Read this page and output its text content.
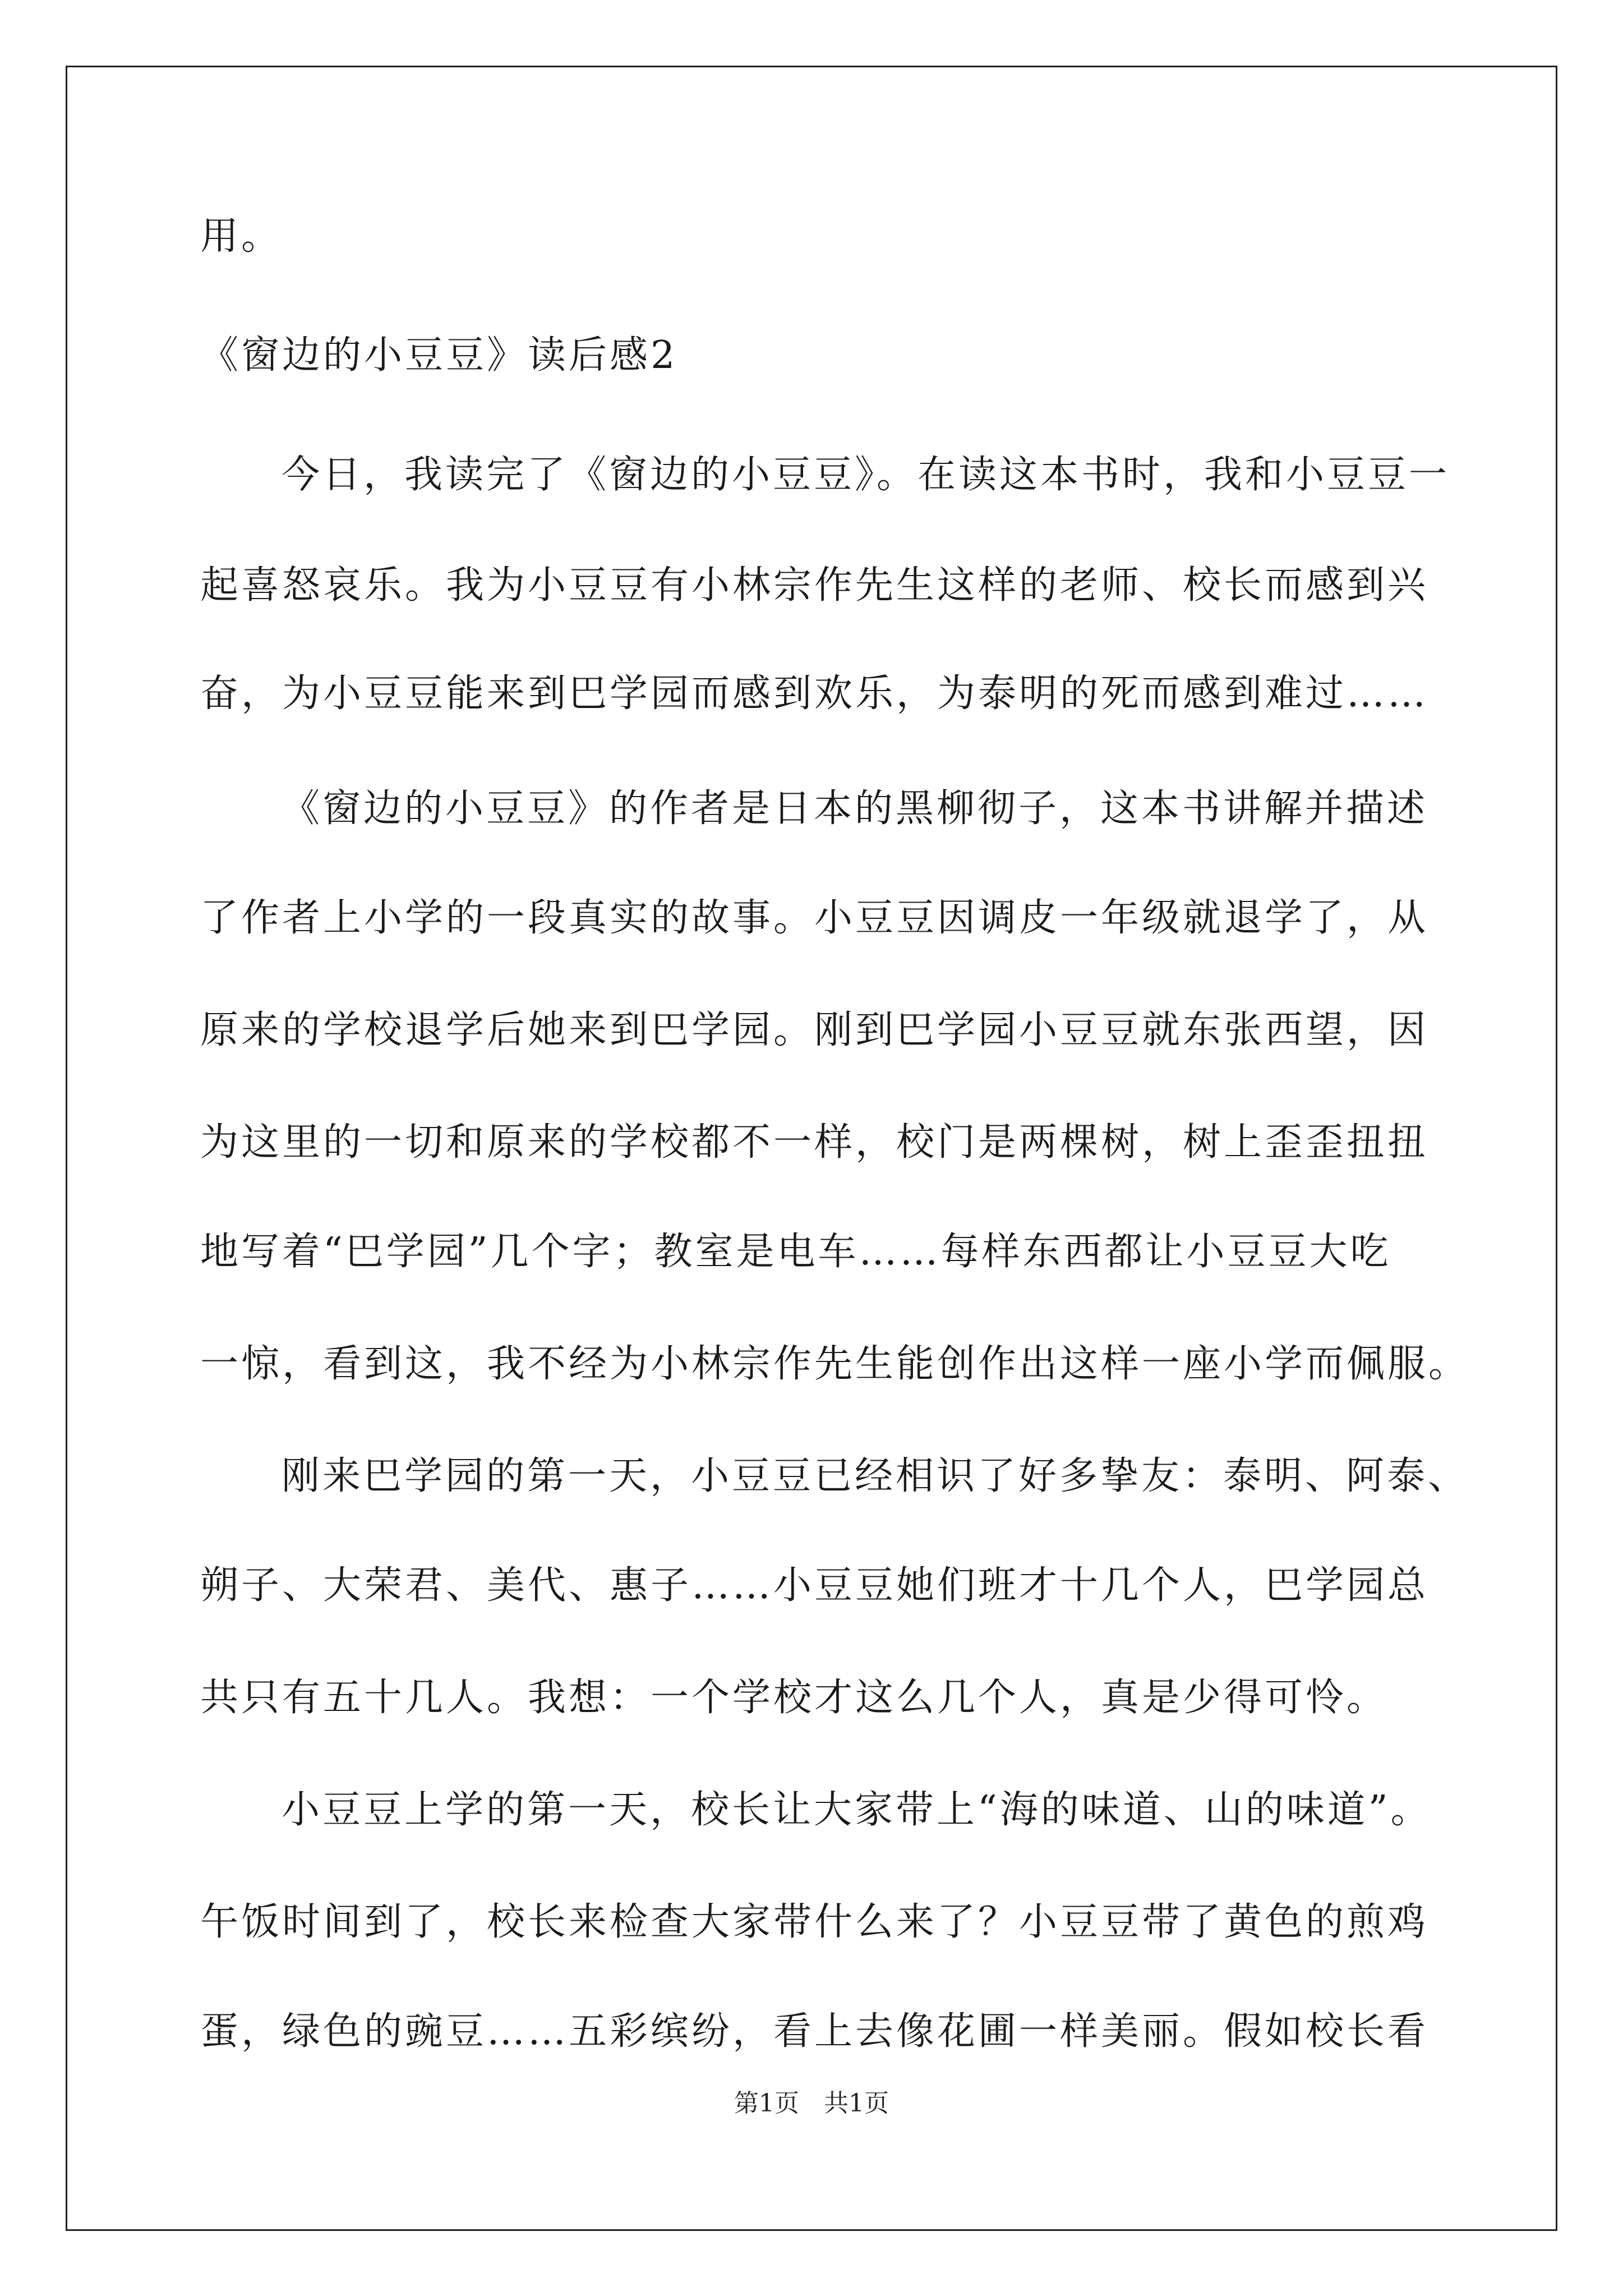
用。
《窗边的小豆豆》读后感2
今日，我读完了《窗边的小豆豆》。在读这本书时，我和小豆豆一
起喜怒哀乐。我为小豆豆有小林宗作先生这样的老师、校长而感到兴
奋，为小豆豆能来到巴学园而感到欢乐，为泰明的死而感到难过……
《窗边的小豆豆》的作者是日本的黑柳彻子，这本书讲解并描述
了作者上小学的一段真实的故事。小豆豆因调皮一年级就退学了，从
原来的学校退学后她来到巴学园。刚到巴学园小豆豆就东张西望，因
为这里的一切和原来的学校都不一样，校门是两棵树，树上歪歪扭扭
地写着“巴学园”几个字；教室是电车……每样东西都让小豆豆大吃
一惊，看到这，我不经为小林宗作先生能创作出这样一座小学而佩服。
刚来巴学园的第一天，小豆豆已经相识了好多挚友：泰明、阿泰、
朔子、大荣君、美代、惠子……小豆豆她们班才十几个人，巴学园总
共只有五十几人。我想：一个学校才这么几个人，真是少得可怜。
小豆豆上学的第一天，校长让大家带上“海的味道、山的味道”。
午饭时间到了，校长来检查大家带什么来了？小豆豆带了黄色的煎鸡
蛋，绿色的豌豆……五彩缤纷，看上去像花圃一样美丽。假如校长看
第1页　共1页
